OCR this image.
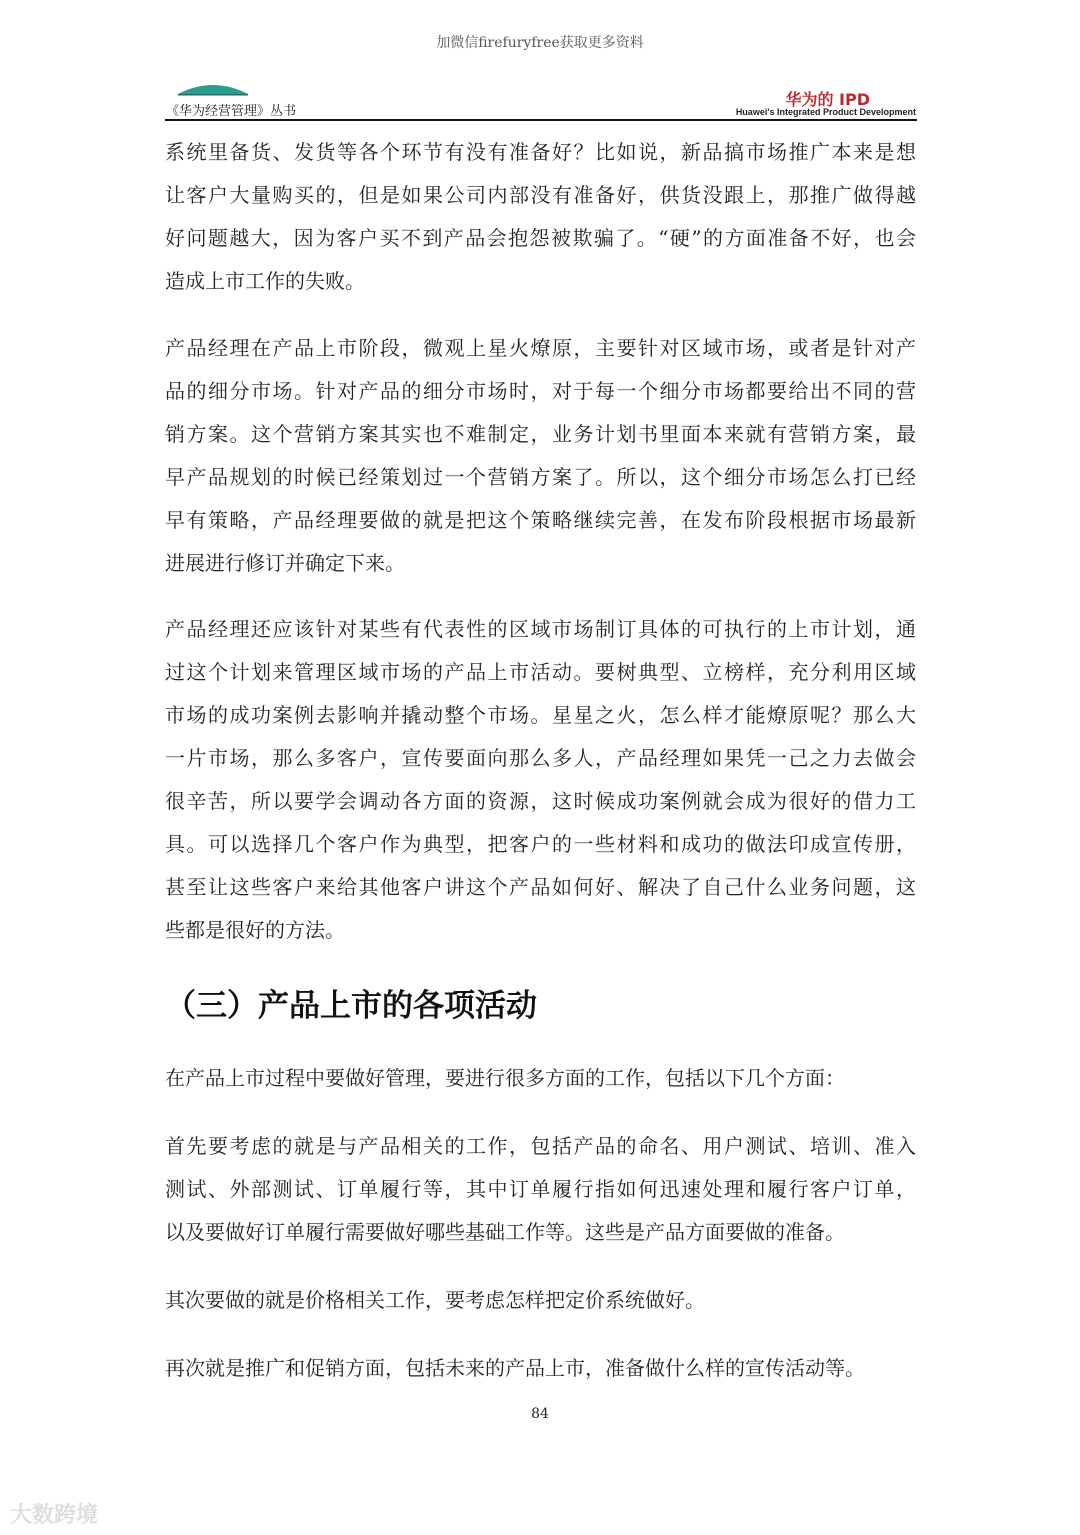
加微信firefuryfree获取更多资料
《华为经营管理》丛书
华为的 IPD
Huawei's Integrated Product Development
系统里备货、发货等各个环节有没有准备好？比如说，新品搞市场推广本来是想
让客户大量购买的，但是如果公司内部没有准备好，供货没跟上，那推广做得越
好问题越大，因为客户买不到产品会抱怨被欺骗了。“硬”的方面准备不好，也会
造成上市工作的失败。
产品经理在产品上市阶段，微观上星火燎原，主要针对区域市场，或者是针对产
品的细分市场。针对产品的细分市场时，对于每一个细分市场都要给出不同的营
销方案。这个营销方案其实也不难制定，业务计划书里面本来就有营销方案，最
早产品规划的时候已经策划过一个营销方案了。所以，这个细分市场怎么打已经
早有策略，产品经理要做的就是把这个策略继续完善，在发布阶段根据市场最新
进展进行修订并确定下来。
产品经理还应该针对某些有代表性的区域市场制订具体的可执行的上市计划，通
过这个计划来管理区域市场的产品上市活动。要树典型、立榜样，充分利用区域
市场的成功案例去影响并撬动整个市场。星星之火，怎么样才能燎原呢？那么大
一片市场，那么多客户，宣传要面向那么多人，产品经理如果凭一己之力去做会
很辛苦，所以要学会调动各方面的资源，这时候成功案例就会成为很好的借力工
具。可以选择几个客户作为典型，把客户的一些材料和成功的做法印成宣传册，
甚至让这些客户来给其他客户讲这个产品如何好、解决了自己什么业务问题，这
些都是很好的方法。
（三）产品上市的各项活动
在产品上市过程中要做好管理，要进行很多方面的工作，包括以下几个方面：
首先要考虑的就是与产品相关的工作，包括产品的命名、用户测试、培训、准入
测试、外部测试、订单履行等，其中订单履行指如何迅速处理和履行客户订单，
以及要做好订单履行需要做好哪些基础工作等。这些是产品方面要做的准备。
其次要做的就是价格相关工作，要考虑怎样把定价系统做好。
再次就是推广和促销方面，包括未来的产品上市，准备做什么样的宣传活动等。
84
大数跨境
